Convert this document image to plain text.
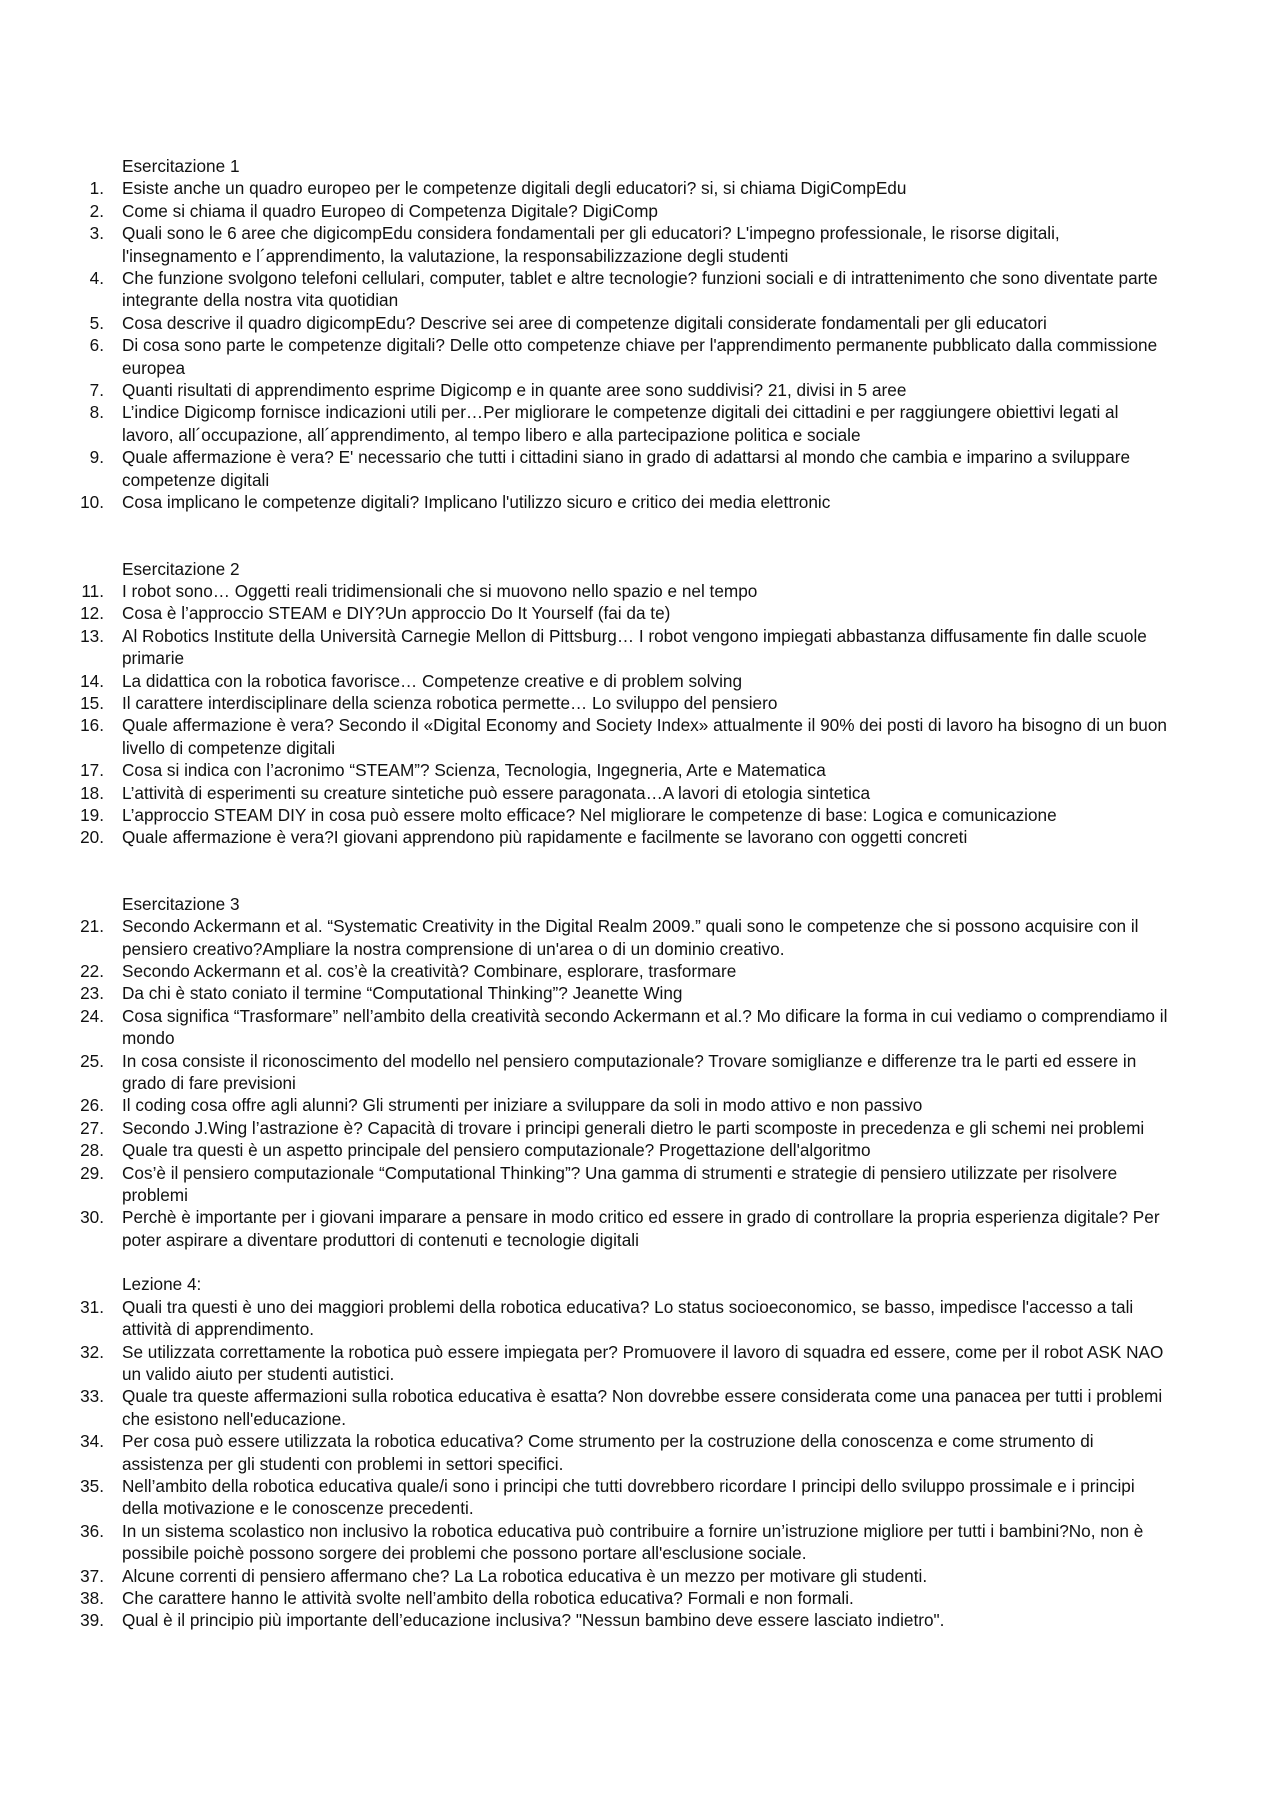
Esercitazione 1
1. Esiste anche un quadro europeo per le competenze digitali degli educatori? si, si chiama DigiCompEdu
2. Come si chiama il quadro Europeo di Competenza Digitale? DigiComp
3. Quali sono le 6 aree che digicompEdu considera fondamentali per gli educatori? L'impegno professionale, le risorse digitali, l'insegnamento e l´apprendimento, la valutazione, la responsabilizzazione degli studenti
4. Che funzione svolgono telefoni cellulari, computer, tablet e altre tecnologie? funzioni sociali e di intrattenimento che sono diventate parte integrante della nostra vita quotidian
5. Cosa descrive il quadro digicompEdu? Descrive sei aree di competenze digitali considerate fondamentali per gli educatori
6. Di cosa sono parte le competenze digitali? Delle otto competenze chiave per l'apprendimento permanente pubblicato dalla commissione europea
7. Quanti risultati di apprendimento esprime Digicomp e in quante aree sono suddivisi? 21, divisi in 5 aree
8. L’indice Digicomp fornisce indicazioni utili per…Per migliorare le competenze digitali dei cittadini e per raggiungere obiettivi legati al lavoro, all´occupazione, all´apprendimento, al tempo libero e alla partecipazione politica e sociale
9. Quale affermazione è vera? E' necessario che tutti i cittadini siano in grado di adattarsi al mondo che cambia e imparino a sviluppare competenze digitali
10. Cosa implicano le competenze digitali? Implicano l'utilizzo sicuro e critico dei media elettronic
Esercitazione 2
11. I robot sono… Oggetti reali tridimensionali che si muovono nello spazio e nel tempo
12. Cosa è l’approccio STEAM e DIY?Un approccio Do It Yourself (fai da te)
13. Al Robotics Institute della Università Carnegie Mellon di Pittsburg… I robot vengono impiegati abbastanza diffusamente fin dalle scuole primarie
14. La didattica con la robotica favorisce… Competenze creative e di problem solving
15. Il carattere interdisciplinare della scienza robotica permette… Lo sviluppo del pensiero
16. Quale affermazione è vera? Secondo il «Digital Economy and Society Index» attualmente il 90% dei posti di lavoro ha bisogno di un buon livello di competenze digitali
17. Cosa si indica con l’acronimo “STEAM”? Scienza, Tecnologia, Ingegneria, Arte e Matematica
18. L’attività di esperimenti su creature sintetiche può essere paragonata…A lavori di etologia sintetica
19. L’approccio STEAM DIY in cosa può essere molto efficace? Nel migliorare le competenze di base: Logica e comunicazione
20. Quale affermazione è vera?I giovani apprendono più rapidamente e facilmente se lavorano con oggetti concreti
Esercitazione 3
21. Secondo Ackermann et al. “Systematic Creativity in the Digital Realm 2009.” quali sono le competenze che si possono acquisire con il pensiero creativo?Ampliare la nostra comprensione di un'area o di un dominio creativo.
22. Secondo Ackermann et al. cos’è la creatività? Combinare, esplorare, trasformare
23. Da chi è stato coniato il termine “Computational Thinking”? Jeanette Wing
24. Cosa significa “Trasformare” nell’ambito della creatività secondo Ackermann et al.? Mo dificare la forma in cui vediamo o comprendiamo il mondo
25. In cosa consiste il riconoscimento del modello nel pensiero computazionale? Trovare somiglianze e differenze tra le parti ed essere in grado di fare previsioni
26. Il coding cosa offre agli alunni? Gli strumenti per iniziare a sviluppare da soli in modo attivo e non passivo
27. Secondo J.Wing l’astrazione è? Capacità di trovare i principi generali dietro le parti scomposte in precedenza e gli schemi nei problemi
28. Quale tra questi è un aspetto principale del pensiero computazionale? Progettazione dell'algoritmo
29. Cos’è il pensiero computazionale “Computational Thinking”? Una gamma di strumenti e strategie di pensiero utilizzate per risolvere problemi
30. Perchè è importante per i giovani imparare a pensare in modo critico ed essere in grado di controllare la propria esperienza digitale? Per poter aspirare a diventare produttori di contenuti e tecnologie digitali
Lezione 4:
31. Quali tra questi è uno dei maggiori problemi della robotica educativa? Lo status socioeconomico, se basso, impedisce l'accesso a tali attività di apprendimento.
32. Se utilizzata correttamente la robotica può essere impiegata per? Promuovere il lavoro di squadra ed essere, come per il robot ASK NAO un valido aiuto per studenti autistici.
33. Quale tra queste affermazioni sulla robotica educativa è esatta? Non dovrebbe essere considerata come una panacea per tutti i problemi che esistono nell'educazione.
34. Per cosa può essere utilizzata la robotica educativa? Come strumento per la costruzione della conoscenza e come strumento di assistenza per gli studenti con problemi in settori specifici.
35. Nell’ambito della robotica educativa quale/i sono i principi che tutti dovrebbero ricordare I principi dello sviluppo prossimale e i principi della motivazione e le conoscenze precedenti.
36. In un sistema scolastico non inclusivo la robotica educativa può contribuire a fornire un’istruzione migliore per tutti i bambini?No, non è possibile poichè possono sorgere dei problemi che possono portare all'esclusione sociale.
37. Alcune correnti di pensiero affermano che? La La robotica educativa è un mezzo per motivare gli studenti.
38. Che carattere hanno le attività svolte nell’ambito della robotica educativa? Formali e non formali.
39. Qual è il principio più importante dell’educazione inclusiva? "Nessun bambino deve essere lasciato indietro".
